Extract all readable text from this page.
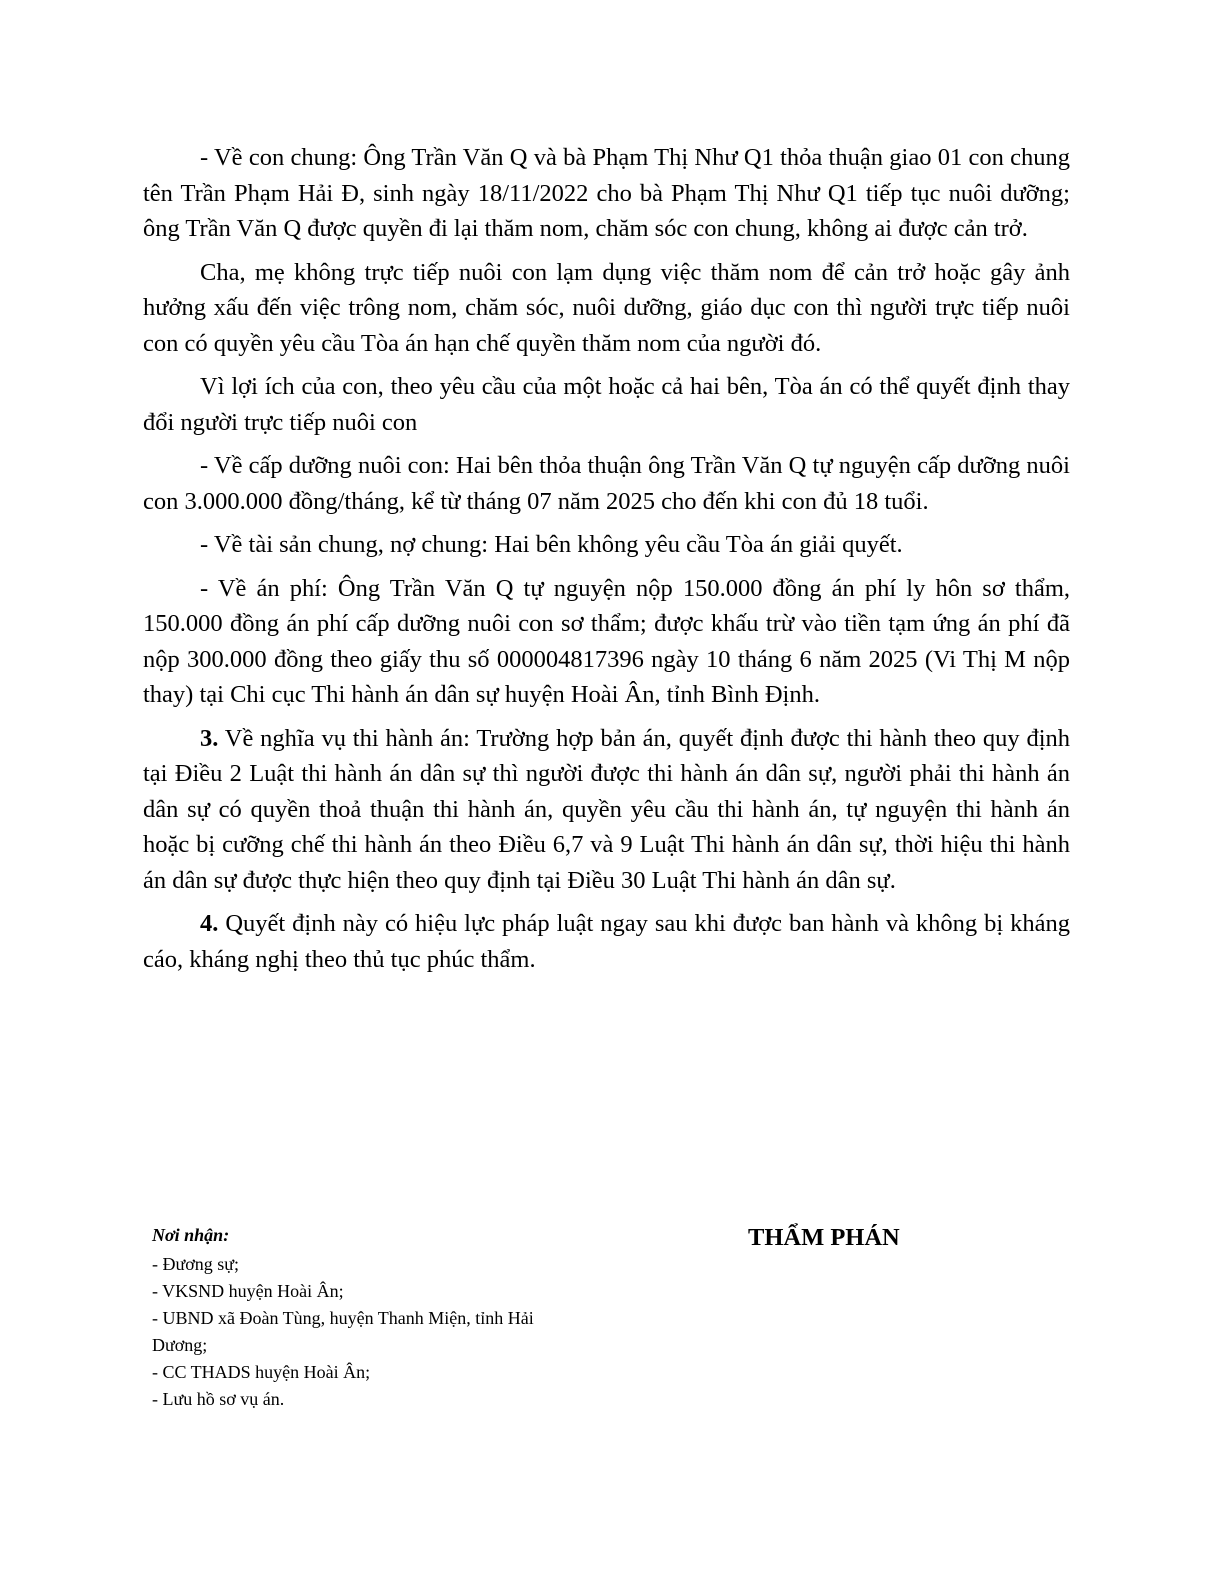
- Về con chung: Ông Trần Văn Q và bà Phạm Thị Như Q1 thỏa thuận giao 01 con chung tên Trần Phạm Hải Đ, sinh ngày 18/11/2022 cho bà Phạm Thị Như Q1 tiếp tục nuôi dưỡng; ông Trần Văn Q được quyền đi lại thăm nom, chăm sóc con chung, không ai được cản trở.

Cha, mẹ không trực tiếp nuôi con lạm dụng việc thăm nom để cản trở hoặc gây ảnh hưởng xấu đến việc trông nom, chăm sóc, nuôi dưỡng, giáo dục con thì người trực tiếp nuôi con có quyền yêu cầu Tòa án hạn chế quyền thăm nom của người đó.

Vì lợi ích của con, theo yêu cầu của một hoặc cả hai bên, Tòa án có thể quyết định thay đổi người trực tiếp nuôi con

- Về cấp dưỡng nuôi con: Hai bên thỏa thuận ông Trần Văn Q tự nguyện cấp dưỡng nuôi con 3.000.000 đồng/tháng, kể từ tháng 07 năm 2025 cho đến khi con đủ 18 tuổi.

- Về tài sản chung, nợ chung: Hai bên không yêu cầu Tòa án giải quyết.

- Về án phí: Ông Trần Văn Q tự nguyện nộp 150.000 đồng án phí ly hôn sơ thẩm, 150.000 đồng án phí cấp dưỡng nuôi con sơ thẩm; được khấu trừ vào tiền tạm ứng án phí đã nộp 300.000 đồng theo giấy thu số 000004817396 ngày 10 tháng 6 năm 2025 (Vi Thị M nộp thay) tại Chi cục Thi hành án dân sự huyện Hoài Ân, tỉnh Bình Định.

3. Về nghĩa vụ thi hành án: Trường hợp bản án, quyết định được thi hành theo quy định tại Điều 2 Luật thi hành án dân sự thì người được thi hành án dân sự, người phải thi hành án dân sự có quyền thoả thuận thi hành án, quyền yêu cầu thi hành án, tự nguyện thi hành án hoặc bị cưỡng chế thi hành án theo Điều 6,7 và 9 Luật Thi hành án dân sự, thời hiệu thi hành án dân sự được thực hiện theo quy định tại Điều 30 Luật Thi hành án dân sự.

4. Quyết định này có hiệu lực pháp luật ngay sau khi được ban hành và không bị kháng cáo, kháng nghị theo thủ tục phúc thẩm.

Nơi nhận:

- Đương sự;

- VKSND huyện Hoài Ân;

- UBND xã Đoàn Tùng, huyện Thanh Miện, tỉnh Hải Dương;

- CC THADS huyện Hoài Ân;

- Lưu hồ sơ vụ án.

THẨM PHÁN
